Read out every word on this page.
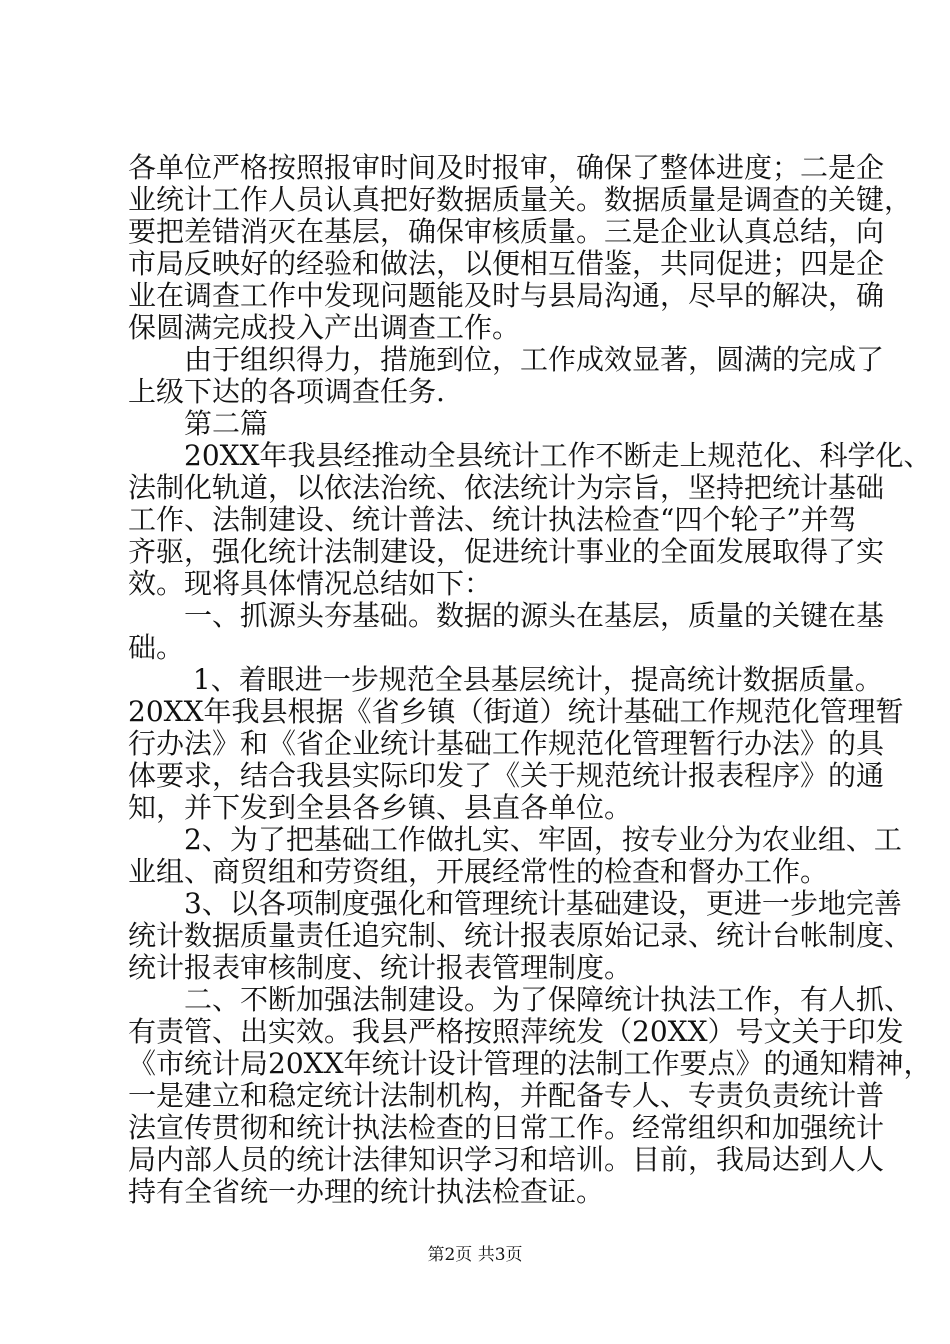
各单位严格按照报审时间及时报审，确保了整体进度；二是企
业统计工作人员认真把好数据质量关。数据质量是调查的关键，
要把差错消灭在基层，确保审核质量。三是企业认真总结，向
市局反映好的经验和做法，以便相互借鉴，共同促进；四是企
业在调查工作中发现问题能及时与县局沟通，尽早的解决，确
保圆满完成投入产出调查工作。
　　由于组织得力，措施到位，工作成效显著，圆满的完成了
上级下达的各项调查任务.
　　第二篇
　　20XX年我县经推动全县统计工作不断走上规范化、科学化、
法制化轨道，以依法治统、依法统计为宗旨，坚持把统计基础
工作、法制建设、统计普法、统计执法检查“四个轮子”并驾
齐驱，强化统计法制建设，促进统计事业的全面发展取得了实
效。现将具体情况总结如下：
　　一、抓源头夯基础。数据的源头在基层，质量的关键在基
础。
　　 1、着眼进一步规范全县基层统计，提高统计数据质量。
20XX年我县根据《省乡镇（街道）统计基础工作规范化管理暂
行办法》和《省企业统计基础工作规范化管理暂行办法》的具
体要求，结合我县实际印发了《关于规范统计报表程序》的通
知，并下发到全县各乡镇、县直各单位。
　　2、为了把基础工作做扎实、牢固，按专业分为农业组、工
业组、商贸组和劳资组，开展经常性的检查和督办工作。
　　3、以各项制度强化和管理统计基础建设，更进一步地完善
统计数据质量责任追究制、统计报表原始记录、统计台帐制度、
统计报表审核制度、统计报表管理制度。
　　二、不断加强法制建设。为了保障统计执法工作，有人抓、
有责管、出实效。我县严格按照萍统发（20XX）号文关于印发
《市统计局20XX年统计设计管理的法制工作要点》的通知精神，
一是建立和稳定统计法制机构，并配备专人、专责负责统计普
法宣传贯彻和统计执法检查的日常工作。经常组织和加强统计
局内部人员的统计法律知识学习和培训。目前，我局达到人人
持有全省统一办理的统计执法检查证。
第2页 共3页
